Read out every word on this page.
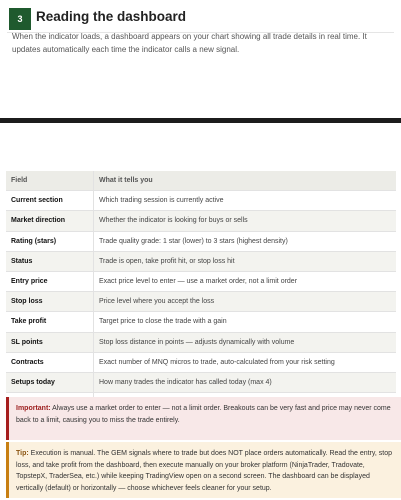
3	Reading the dashboard
When the indicator loads, a dashboard appears on your chart showing all trade details in real time. It updates automatically each time the indicator calls a new signal.
Field	What it tells you
Current section	Which trading session is currently active
Market direction	Whether the indicator is looking for buys or sells
Rating (stars)	Trade quality grade: 1 star (lower) to 3 stars (highest density)
Status	Trade is open, take profit hit, or stop loss hit
Entry price	Exact price level to enter — use a market order, not a limit order
Stop loss	Price level where you accept the loss
Take profit	Target price to close the trade with a gain
SL points	Stop loss distance in points — adjusts dynamically with volume
Contracts	Exact number of MNQ micros to trade, auto-calculated from your risk setting
Setups today	How many trades the indicator has called today (max 4)

Important: Always use a market order to enter — not a limit order. Breakouts can be very fast and price may never come back to a limit, causing you to miss the trade entirely.
Tip: Execution is manual. The GEM signals where to trade but does NOT place orders automatically. Read the entry, stop loss, and take profit from the dashboard, then execute manually on your broker platform (NinjaTrader, Tradovate, TopstepX, TraderSea, etc.) while keeping TradingView open on a second screen. The dashboard can be displayed vertically (default) or horizontally — choose whichever feels cleaner for your setup.
